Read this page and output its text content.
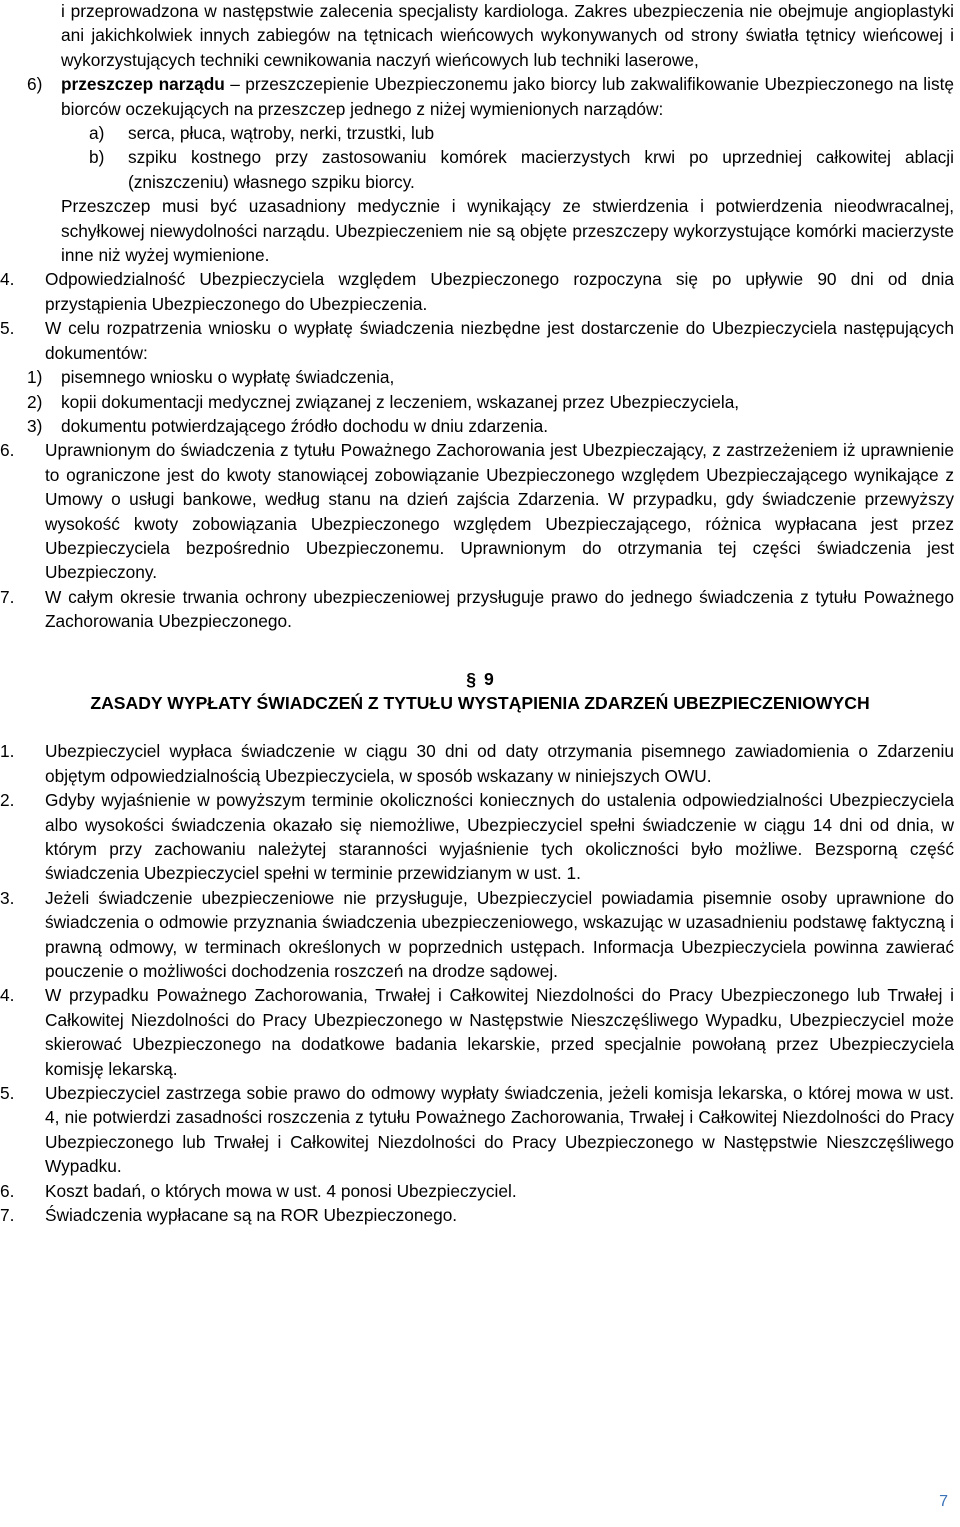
i przeprowadzona w następstwie zalecenia specjalisty kardiologa. Zakres ubezpieczenia nie obejmuje angioplastyki ani jakichkolwiek innych zabiegów na tętnicach wieńcowych wykonywanych od strony światła tętnicy wieńcowej i wykorzystujących techniki cewnikowania naczyń wieńcowych lub techniki laserowe,
6)	przeszczep narządu – przeszczepienie Ubezpieczonemu jako biorcy lub zakwalifikowanie Ubezpieczonego na listę biorców oczekujących na przeszczep jednego z niżej wymienionych narządów:
a)	serca, płuca, wątroby, nerki, trzustki, lub
b)	szpiku kostnego przy zastosowaniu komórek macierzystych krwi po uprzedniej całkowitej ablacji (zniszczeniu) własnego szpiku biorcy.
Przeszczep musi być uzasadniony medycznie i wynikający ze stwierdzenia i potwierdzenia nieodwracalnej, schyłkowej niewydolności narządu. Ubezpieczeniem nie są objęte przeszczepy wykorzystujące komórki macierzyste inne niż wyżej wymienione.
4.	Odpowiedzialność Ubezpieczyciela względem Ubezpieczonego rozpoczyna się po upływie 90 dni od dnia przystąpienia Ubezpieczonego do Ubezpieczenia.
5.	W celu rozpatrzenia wniosku o wypłatę świadczenia niezbędne jest dostarczenie do Ubezpieczyciela następujących dokumentów:
1)	pisemnego wniosku o wypłatę świadczenia,
2)	kopii dokumentacji medycznej związanej z leczeniem, wskazanej przez Ubezpieczyciela,
3)	dokumentu potwierdzającego źródło dochodu w dniu zdarzenia.
6.	Uprawnionym do świadczenia z tytułu Poważnego Zachorowania jest Ubezpieczający, z zastrzeżeniem iż uprawnienie to ograniczone jest do kwoty stanowiącej zobowiązanie Ubezpieczonego względem Ubezpieczającego wynikające z Umowy o usługi bankowe, według stanu na dzień zajścia Zdarzenia. W przypadku, gdy świadczenie przewyższy wysokość kwoty zobowiązania Ubezpieczonego względem Ubezpieczającego, różnica wypłacana jest przez Ubezpieczyciela bezpośrednio Ubezpieczonemu. Uprawnionym do otrzymania tej części świadczenia jest Ubezpieczony.
7.	W całym okresie trwania ochrony ubezpieczeniowej przysługuje prawo do jednego świadczenia z tytułu Poważnego Zachorowania Ubezpieczonego.
§ 9
ZASADY WYPŁATY ŚWIADCZEŃ Z TYTUŁU WYSTĄPIENIA ZDARZEŃ UBEZPIECZENIOWYCH
1.	Ubezpieczyciel wypłaca świadczenie w ciągu 30 dni od daty otrzymania pisemnego zawiadomienia o Zdarzeniu objętym odpowiedzialnością Ubezpieczyciela, w sposób wskazany w niniejszych OWU.
2.	Gdyby wyjaśnienie w powyższym terminie okoliczności koniecznych do ustalenia odpowiedzialności Ubezpieczyciela albo wysokości świadczenia okazało się niemożliwe, Ubezpieczyciel spełni świadczenie w ciągu 14 dni od dnia, w którym przy zachowaniu należytej staranności wyjaśnienie tych okoliczności było możliwe. Bezsporną część świadczenia Ubezpieczyciel spełni w terminie przewidzianym w ust. 1.
3.	Jeżeli świadczenie ubezpieczeniowe nie przysługuje, Ubezpieczyciel powiadamia pisemnie osoby uprawnione do świadczenia o odmowie przyznania świadczenia ubezpieczeniowego, wskazując w uzasadnieniu podstawę faktyczną i prawną odmowy, w terminach określonych w poprzednich ustępach. Informacja Ubezpieczyciela powinna zawierać pouczenie o możliwości dochodzenia roszczeń na drodze sądowej.
4.	W przypadku Poważnego Zachorowania, Trwałej i Całkowitej Niezdolności do Pracy Ubezpieczonego lub Trwałej i Całkowitej Niezdolności do Pracy Ubezpieczonego w Następstwie Nieszczęśliwego Wypadku, Ubezpieczyciel może skierować Ubezpieczonego na dodatkowe badania lekarskie, przed specjalnie powołaną przez Ubezpieczyciela komisję lekarską.
5.	Ubezpieczyciel zastrzega sobie prawo do odmowy wypłaty świadczenia, jeżeli komisja lekarska, o której mowa w ust. 4, nie potwierdzi zasadności roszczenia z tytułu Poważnego Zachorowania, Trwałej i Całkowitej Niezdolności do Pracy Ubezpieczonego lub Trwałej i Całkowitej Niezdolności do Pracy Ubezpieczonego w Następstwie Nieszczęśliwego Wypadku.
6.	Koszt badań, o których mowa w ust. 4 ponosi Ubezpieczyciel.
7.	Świadczenia wypłacane są na ROR Ubezpieczonego.
7
